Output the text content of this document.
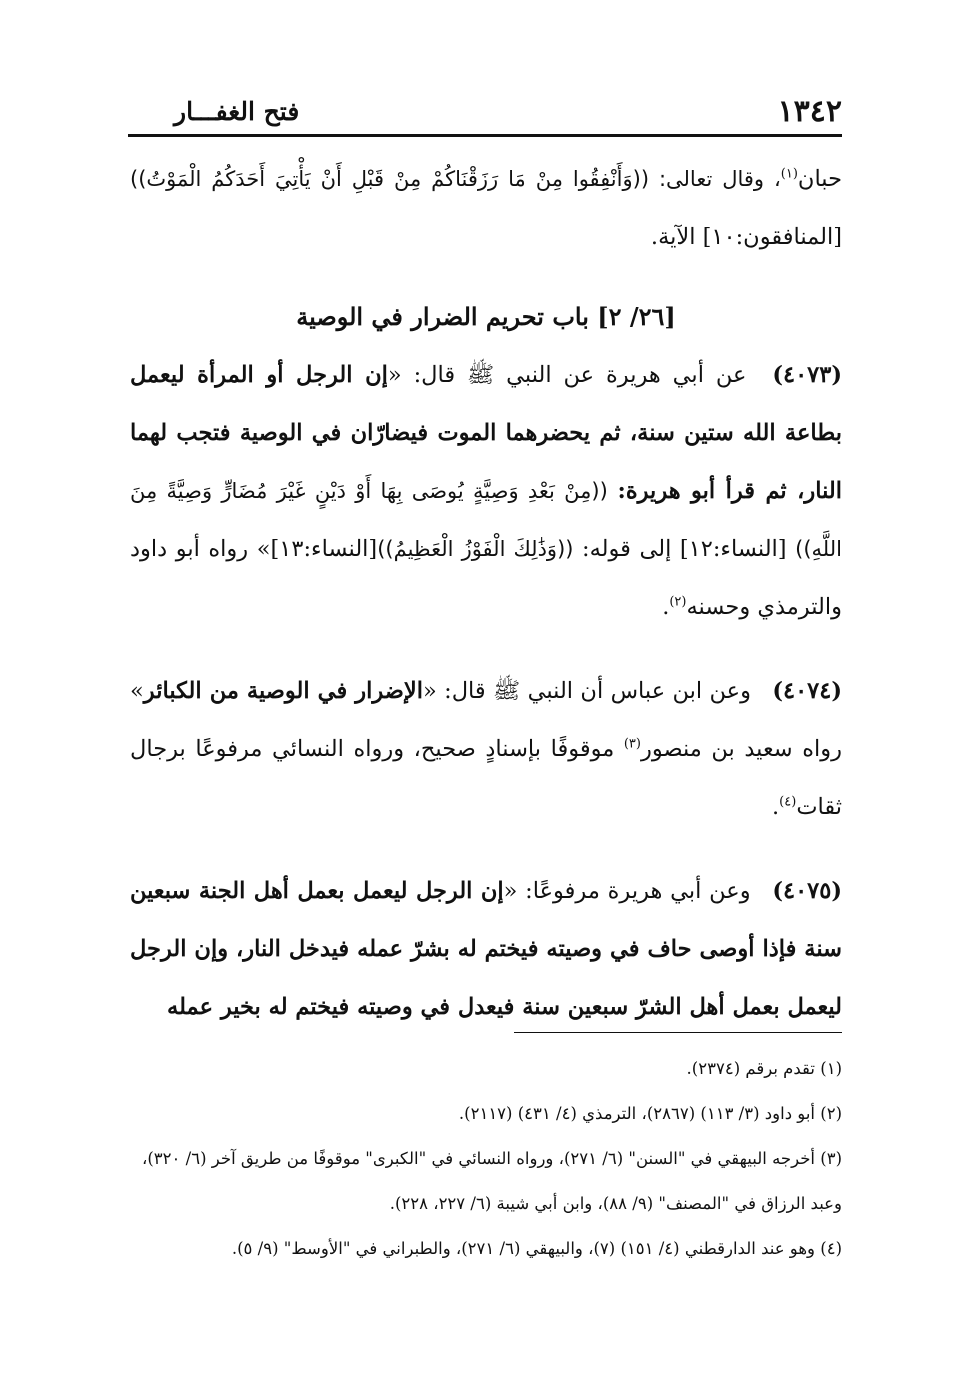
١٣٤٢
فتح الغفـــار

حبان$^{(١)}$، وقال تعالى: ((وَأَنْفِقُوا مِنْ مَا رَزَقْنَاكُمْ مِنْ قَبْلِ أَنْ يَأْتِيَ أَحَدَكُمُ الْمَوْتُ)) [المنافقون:١٠] الآية.

[٢٦/ ٢] باب تحريم الضرار في الوصية

(٤٠٧٣) عن أبي هريرة عن النبي ﷺ قال: «إن الرجل أو المرأة ليعمل بطاعة الله ستين سنة، ثم يحضرهما الموت فيضارّان في الوصية فتجب لهما النار، ثم قرأ أبو هريرة: ((مِنْ بَعْدِ وَصِيَّةٍ يُوصَى بِهَا أَوْ دَيْنٍ غَيْرَ مُضَارٍّ وَصِيَّةً مِنَ اللَّهِ)) [النساء:١٢] إلى قوله: ((وَذَٰلِكَ الْفَوْزُ الْعَظِيمُ))[النساء:١٣]» رواه أبو داود والترمذي وحسنه$^{(٢)}$.

(٤٠٧٤) وعن ابن عباس أن النبي ﷺ قال: «الإضرار في الوصية من الكبائر» رواه سعيد بن منصور$^{(٣)}$ موقوفًا بإسنادٍ صحيح، ورواه النسائي مرفوعًا برجال ثقات$^{(٤)}$.

(٤٠٧٥) وعن أبي هريرة مرفوعًا: «إن الرجل ليعمل بعمل أهل الجنة سبعين سنة فإذا أوصى حاف في وصيته فيختم له بشرّ عمله فيدخل النار، وإن الرجل ليعمل بعمل أهل الشرّ سبعين سنة فيعدل في وصيته فيختم له بخير عمله

(١) تقدم برقم (٢٣٧٤).

(٢) أبو داود (٣/ ١١٣) (٢٨٦٧)، الترمذي (٤/ ٤٣١) (٢١١٧).

(٣) أخرجه البيهقي في "السنن" (٦/ ٢٧١)، ورواه النسائي في "الكبرى" موقوفًا من طريق آخر (٦/ ٣٢٠)، وعبد الرزاق في "المصنف" (٩/ ٨٨)، وابن أبي شيبة (٦/ ٢٢٧، ٢٢٨).

(٤) وهو عند الدارقطني (٤/ ١٥١) (٧)، والبيهقي (٦/ ٢٧١)، والطبراني في "الأوسط" (٩/ ٥).
